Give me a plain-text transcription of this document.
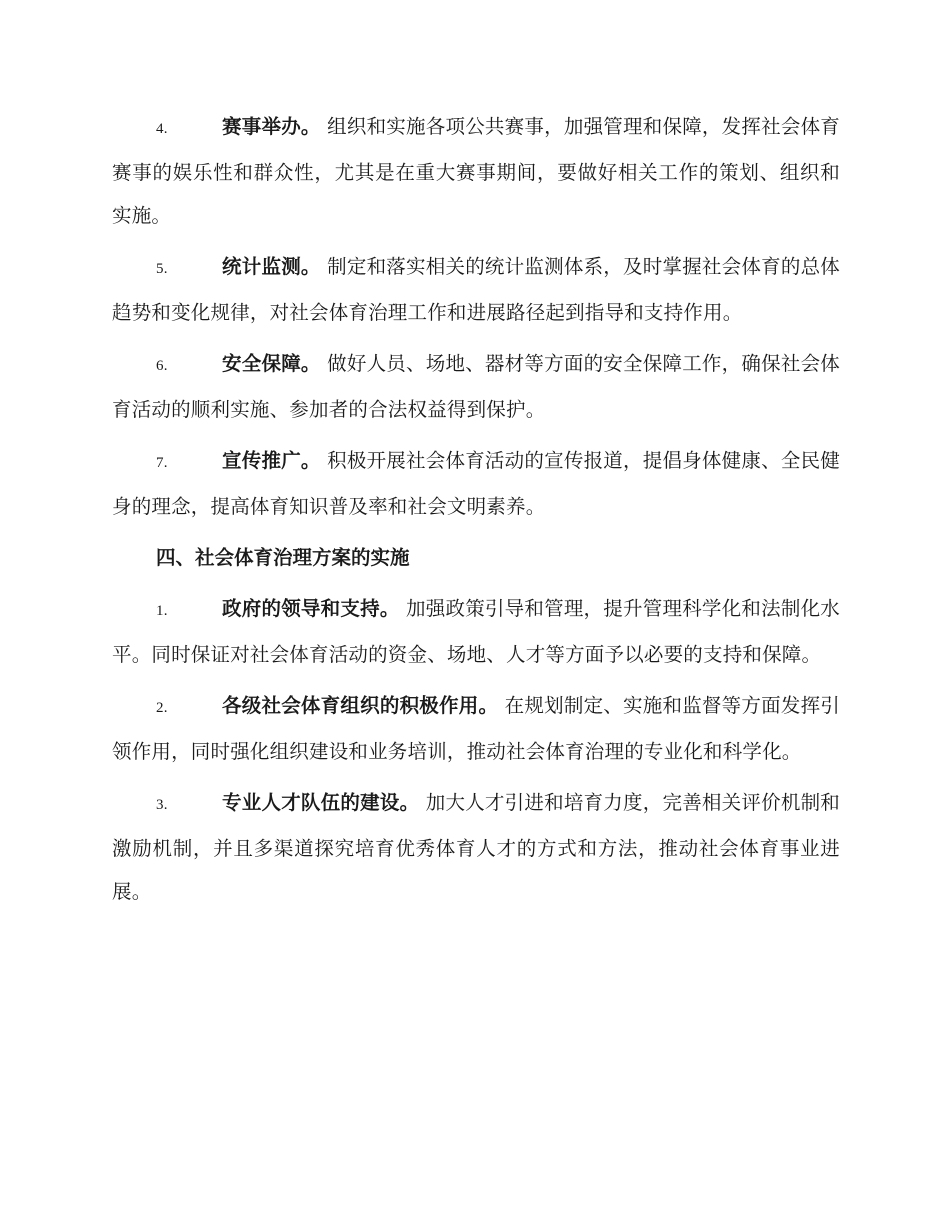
4.	赛事举办。 组织和实施各项公共赛事，加强管理和保障，发挥社会体育赛事的娱乐性和群众性，尤其是在重大赛事期间，要做好相关工作的策划、组织和实施。

5.	统计监测。 制定和落实相关的统计监测体系，及时掌握社会体育的总体趋势和变化规律，对社会体育治理工作和进展路径起到指导和支持作用。

6.	安全保障。 做好人员、场地、器材等方面的安全保障工作，确保社会体育活动的顺利实施、参加者的合法权益得到保护。

7.	宣传推广。 积极开展社会体育活动的宣传报道，提倡身体健康、全民健身的理念，提高体育知识普及率和社会文明素养。

四、社会体育治理方案的实施

1.	政府的领导和支持。 加强政策引导和管理，提升管理科学化和法制化水平。同时保证对社会体育活动的资金、场地、人才等方面予以必要的支持和保障。

2.	各级社会体育组织的积极作用。 在规划制定、实施和监督等方面发挥引领作用，同时强化组织建设和业务培训，推动社会体育治理的专业化和科学化。

3.	专业人才队伍的建设。 加大人才引进和培育力度，完善相关评价机制和激励机制，并且多渠道探究培育优秀体育人才的方式和方法，推动社会体育事业进展。
